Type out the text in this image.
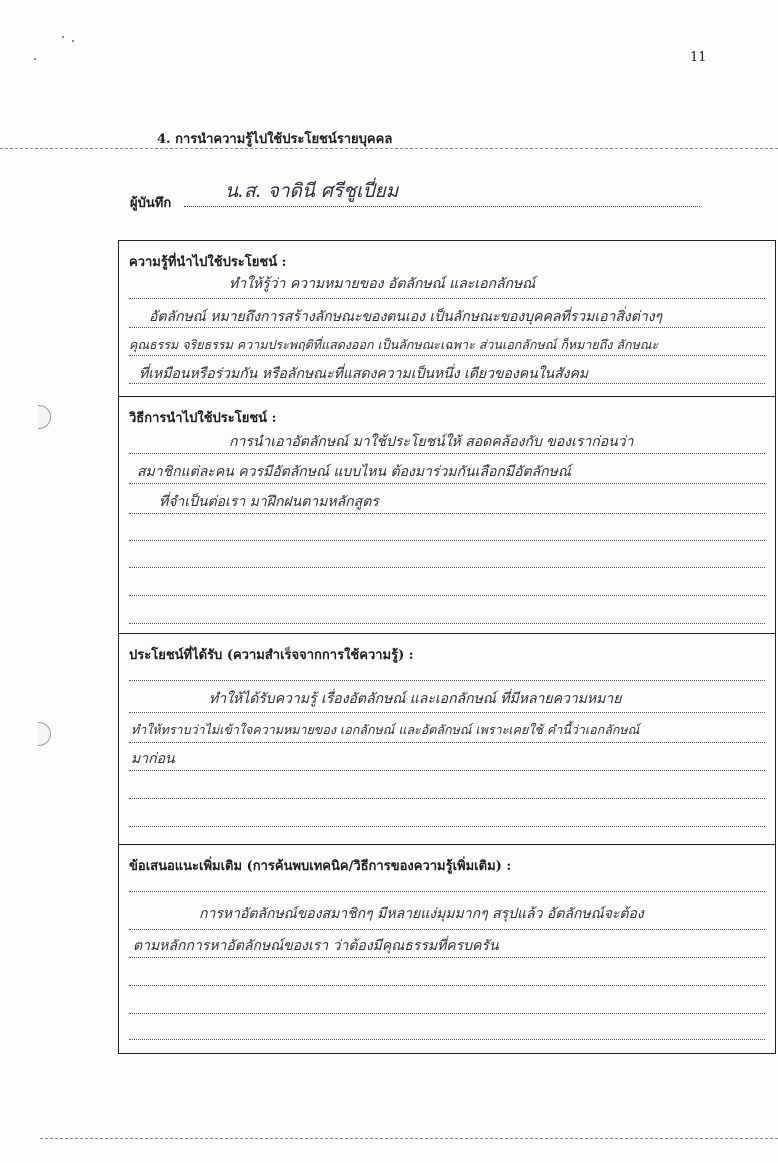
11
4. การนำความรู้ไปใช้ประโยชน์รายบุคคล
ผู้บันทึก
น.ส. จาดินี ศรีชูเปี่ยม
ความรู้ที่นำไปใช้ประโยชน์ :
ทำให้รู้ว่า ความหมายของ อัตลักษณ์ และเอกลักษณ์
อัตลักษณ์ หมายถึงการสร้างลักษณะของตนเอง เป็นลักษณะของบุคคลที่รวมเอาสิ่งต่างๆ
คุณธรรม จริยธรรม ความประพฤติที่แสดงออก เป็นลักษณะเฉพาะ ส่วนเอกลักษณ์ ก็หมายถึง ลักษณะ
ที่เหมือนหรือร่วมกัน หรือลักษณะที่แสดงความเป็นหนึ่ง เดียวของคนในสังคม
วิธีการนำไปใช้ประโยชน์ :
การนำเอาอัตลักษณ์ มาใช้ประโยชน์ให้ สอดคล้องกับ ของเราก่อนว่า
สมาชิกแต่ละคน ควรมีอัตลักษณ์ แบบไหน ต้องมาร่วมกันเลือกมีอัตลักษณ์
ที่จำเป็นต่อเรา มาฝึกฝนตามหลักสูตร
ประโยชน์ที่ได้รับ (ความสำเร็จจากการใช้ความรู้) :
ทำให้ได้รับความรู้ เรื่องอัตลักษณ์ และเอกลักษณ์ ที่มีหลายความหมาย
ทำให้ทราบว่าไม่เข้าใจความหมายของ เอกลักษณ์ และอัตลักษณ์ เพราะเคยใช้ คำนี้ว่าเอกลักษณ์
มาก่อน
ข้อเสนอแนะเพิ่มเติม (การค้นพบเทคนิค/วิธีการของความรู้เพิ่มเติม) :
การหาอัตลักษณ์ของสมาชิกๆ มีหลายแง่มุมมากๆ สรุปแล้ว อัตลักษณ์จะต้อง
ตามหลักการหาอัตลักษณ์ของเรา ว่าต้องมีคุณธรรมที่ครบครัน
